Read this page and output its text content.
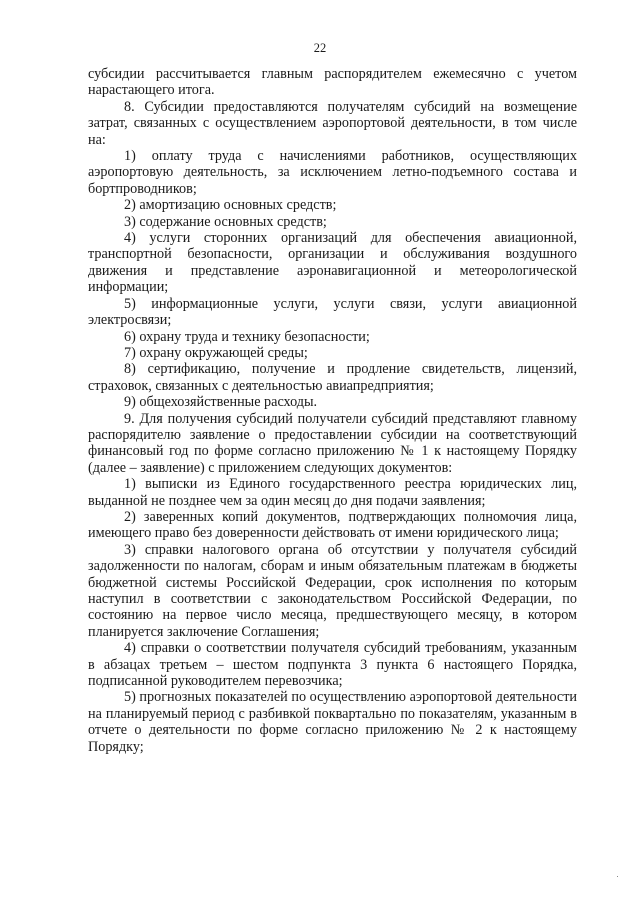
22

субсидии рассчитывается главным распорядителем ежемесячно с учетом нарастающего итога.

8. Субсидии предоставляются получателям субсидий на возмещение затрат, связанных с осуществлением аэропортовой деятельности, в том числе на:

1) оплату труда с начислениями работников, осуществляющих аэропортовую деятельность, за исключением летно-подъемного состава и бортпроводников;

2) амортизацию основных средств;

3) содержание основных средств;

4) услуги сторонних организаций для обеспечения авиационной, транспортной безопасности, организации и обслуживания воздушного движения и представление аэронавигационной и метеорологической информации;

5) информационные услуги, услуги связи, услуги авиационной электросвязи;

6) охрану труда и технику безопасности;

7) охрану окружающей среды;

8) сертификацию, получение и продление свидетельств, лицензий, страховок, связанных с деятельностью авиапредприятия;

9) общехозяйственные расходы.

9. Для получения субсидий получатели субсидий представляют главному распорядителю заявление о предоставлении субсидии на соответствующий финансовый год по форме согласно приложению № 1 к настоящему Порядку (далее – заявление) с приложением следующих документов:

1) выписки из Единого государственного реестра юридических лиц, выданной не позднее чем за один месяц до дня подачи заявления;

2) заверенных копий документов, подтверждающих полномочия лица, имеющего право без доверенности действовать от имени юридического лица;

3) справки налогового органа об отсутствии у получателя субсидий задолженности по налогам, сборам и иным обязательным платежам в бюджеты бюджетной системы Российской Федерации, срок исполнения по которым наступил в соответствии с законодательством Российской Федерации, по состоянию на первое число месяца, предшествующего месяцу, в котором планируется заключение Соглашения;

4) справки о соответствии получателя субсидий требованиям, указанным в абзацах третьем – шестом подпункта 3 пункта 6 настоящего Порядка, подписанной руководителем перевозчика;

5) прогнозных показателей по осуществлению аэропортовой деятельности на планируемый период с разбивкой поквартально по показателям, указанным в отчете о деятельности по форме согласно приложению № 2 к настоящему Порядку;
